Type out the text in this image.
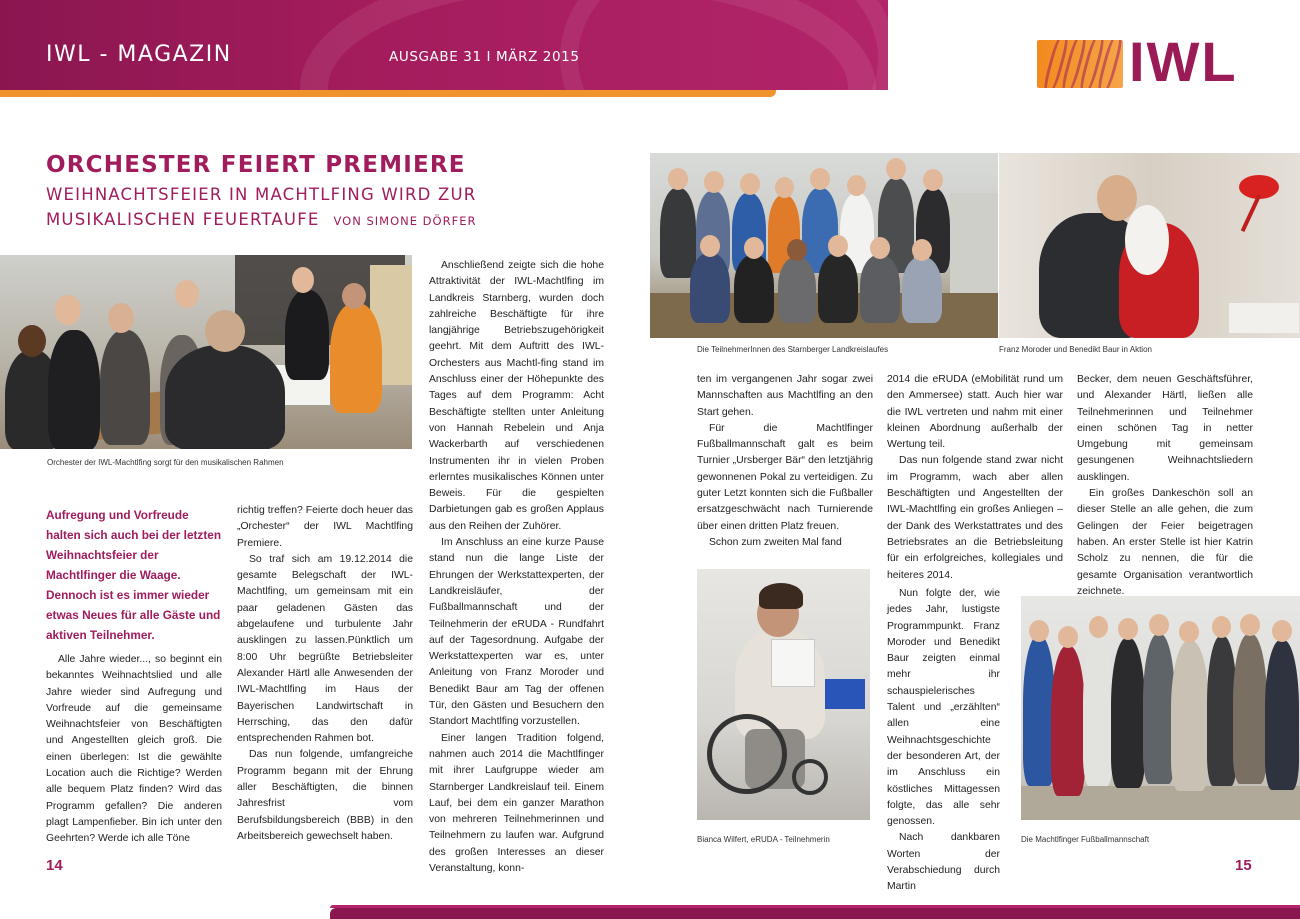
IWL - MAGAZIN	AUSGABE 31 I MÄRZ 2015	IWL
ORCHESTER FEIERT PREMIERE
WEIHNACHTSFEIER IN MACHTLFING WIRD ZUR MUSIKALISCHEN FEUERTAUFE VON SIMONE DÖRFER
Orchester der IWL-Machtlfing sorgt für den musikalischen Rahmen
Die TeilnehmerInnen des Starnberger Landkreislaufes	Franz Moroder und Benedikt Baur in Aktion
Bianca Wilfert, eRUDA - Teilnehmerin	Die Machtlfinger Fußballmannschaft
Aufregung und Vorfreude halten sich auch bei der letzten Weihnachtsfeier der Machtlfinger die Waage. Dennoch ist es immer wieder etwas Neues für alle Gäste und aktiven Teilnehmer.

Alle Jahre wieder..., so beginnt ein bekanntes Weihnachtslied und alle Jahre wieder sind Aufregung und Vorfreude auf die gemeinsame Weihnachtsfeier von Beschäftigten und Angestellten gleich groß. Die einen überlegen: Ist die gewählte Location auch die Richtige? Werden alle bequem Platz finden? Wird das Programm gefallen? Die anderen plagt Lampenfieber. Bin ich unter den Geehrten? Werde ich alle Töne

richtig treffen? Feierte doch heuer das „Orchester“ der IWL Machtlfing Premiere.

So traf sich am 19.12.2014 die gesamte Belegschaft der IWL-Machtlfing, um gemeinsam mit ein paar geladenen Gästen das abgelaufene und turbulente Jahr ausklingen zu lassen.Pünktlich um 8:00 Uhr begrüßte Betriebsleiter Alexander Härtl alle Anwesenden der IWL-Machtlfing im Haus der Bayerischen Landwirtschaft in Herrsching, das den dafür entsprechenden Rahmen bot.

Das nun folgende, umfangreiche Programm begann mit der Ehrung aller Beschäftigten, die binnen Jahresfrist vom Berufsbildungsbereich (BBB) in den Arbeitsbereich gewechselt haben.

Anschließend zeigte sich die hohe Attraktivität der IWL-Machtlfing im Landkreis Starnberg, wurden doch zahlreiche Beschäftigte für ihre langjährige Betriebszugehörigkeit geehrt. Mit dem Auftritt des IWL-Orchesters aus Machtl-fing stand im Anschluss einer der Höhepunkte des Tages auf dem Programm: Acht Beschäftigte stellten unter Anleitung von Hannah Rebelein und Anja Wackerbarth auf verschiedenen Instrumenten ihr in vielen Proben erlerntes musikalisches Können unter Beweis. Für die gespielten Darbietungen gab es großen Applaus aus den Reihen der Zuhörer.

Im Anschluss an eine kurze Pause stand nun die lange Liste der Ehrungen der Werkstattexperten, der Landkreisläufer, der Fußballmannschaft und der Teilnehmerin der eRUDA - Rundfahrt auf der Tagesordnung. Aufgabe der Werkstattexperten war es, unter Anleitung von Franz Moroder und Benedikt Baur am Tag der offenen Tür, den Gästen und Besuchern den Standort Machtlfing vorzustellen.

Einer langen Tradition folgend, nahmen auch 2014 die Machtlfinger mit ihrer Laufgruppe wieder am Starnberger Landkreislauf teil. Einem Lauf, bei dem ein ganzer Marathon von mehreren Teilnehmerinnen und Teilnehmern zu laufen war. Aufgrund des großen Interesses an dieser Veranstaltung, konn-

ten im vergangenen Jahr sogar zwei Mannschaften aus Machtlfing an den Start gehen.

Für die Machtlfinger Fußballmannschaft galt es beim Turnier „Ursberger Bär“ den letztjährig gewonnenen Pokal zu verteidigen. Zu guter Letzt konnten sich die Fußballer ersatzgeschwächt nach Turnierende über einen dritten Platz freuen.

Schon zum zweiten Mal fand

2014 die eRUDA (eMobilität rund um den Ammersee) statt. Auch hier war die IWL vertreten und nahm mit einer kleinen Abordnung außerhalb der Wertung teil.

Das nun folgende stand zwar nicht im Programm, wach aber allen Beschäftigten und Angestellten der IWL-Machtlfing ein großes Anliegen – der Dank des Werkstattrates und des Betriebsrates an die Betriebsleitung für ein erfolgreiches, kollegiales und heiteres 2014.

Nun folgte der, wie jedes Jahr, lustigste Programmpunkt. Franz Moroder und Benedikt Baur zeigten einmal mehr ihr schauspielerisches Talent und „erzählten“ allen eine Weihnachtsgeschichte der besonderen Art, der im Anschluss ein köstliches Mittagessen folgte, das alle sehr genossen.

Nach dankbaren Worten der Verabschiedung durch Martin

Becker, dem neuen Geschäftsführer, und Alexander Härtl, ließen alle Teilnehmerinnen und Teilnehmer einen schönen Tag in netter Umgebung mit gemeinsam gesungenen Weihnachtsliedern ausklingen.

Ein großes Dankeschön soll an dieser Stelle an alle gehen, die zum Gelingen der Feier beigetragen haben. An erster Stelle ist hier Katrin Scholz zu nennen, die für die gesamte Organisation verantwortlich zeichnete.

14	15
